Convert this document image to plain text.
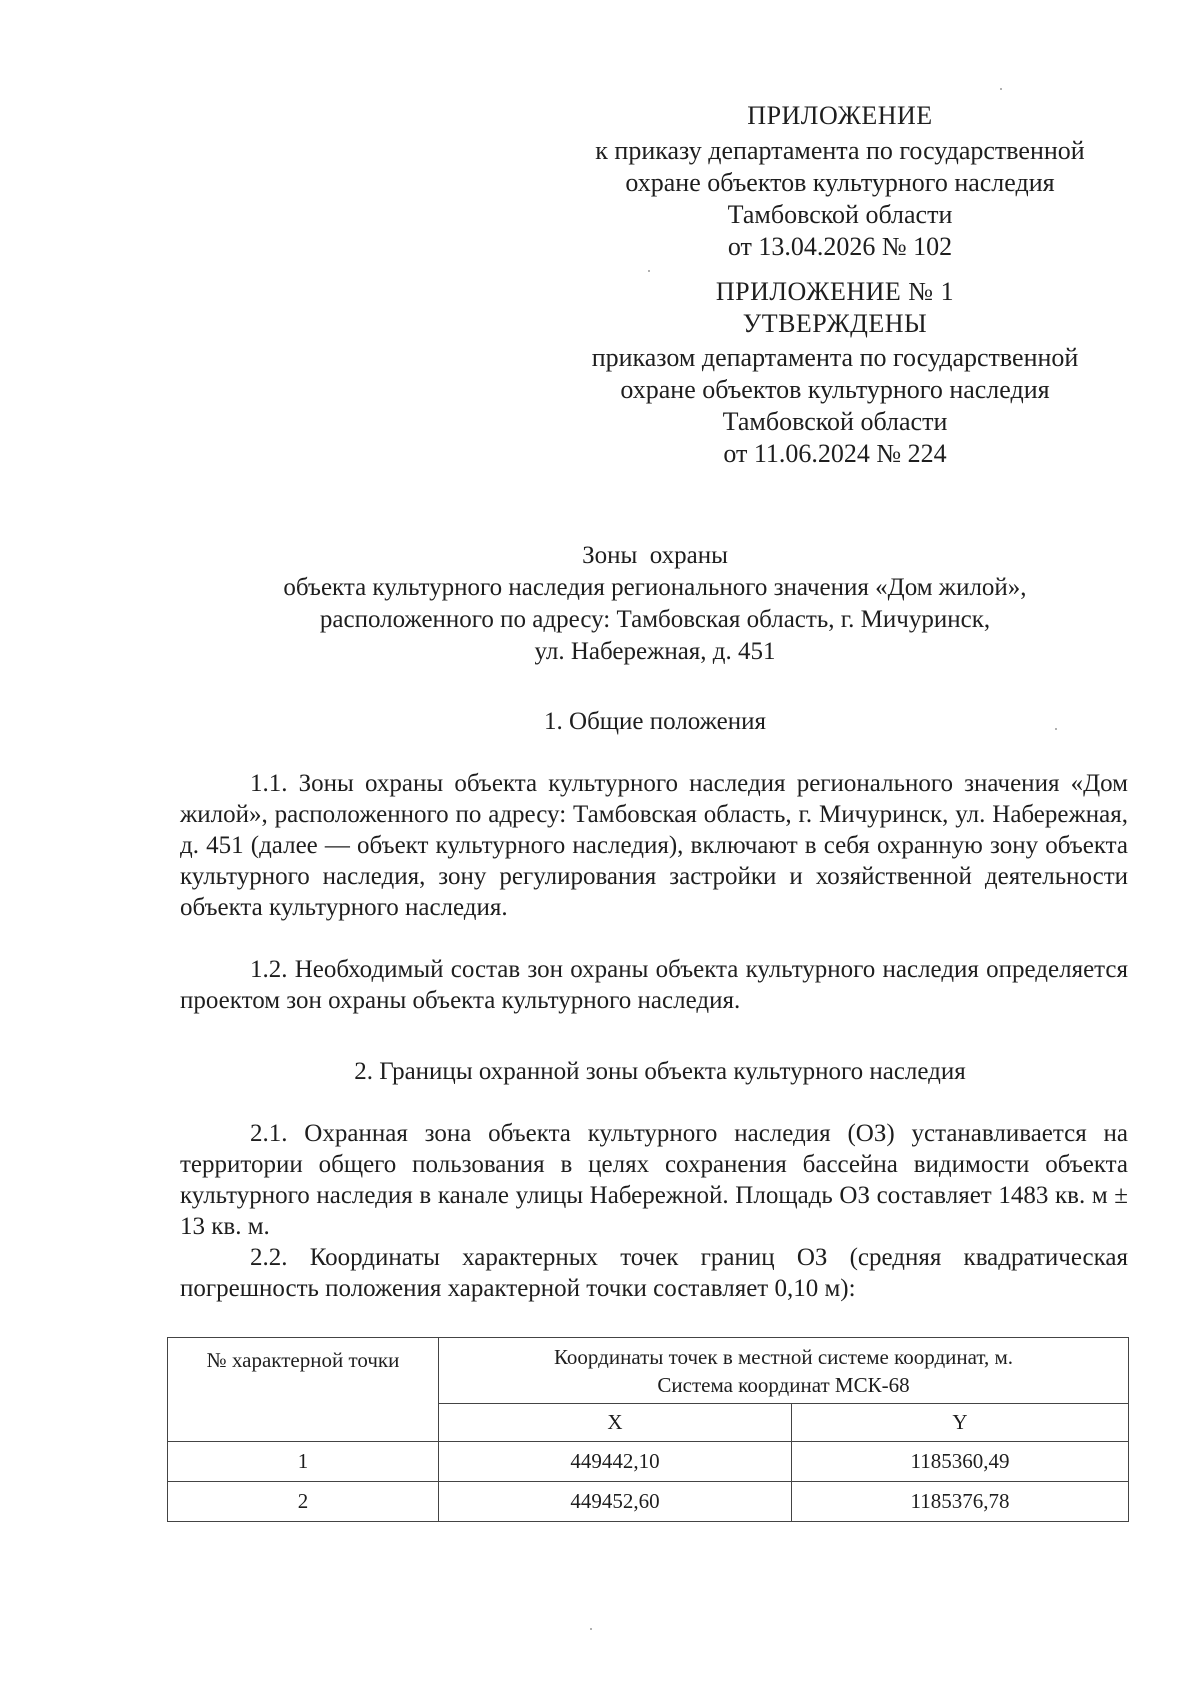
ПРИЛОЖЕНИЕ
к приказу департамента по государственной
охране объектов культурного наследия
Тамбовской области
от 13.04.2026 № 102
ПРИЛОЖЕНИЕ № 1
УТВЕРЖДЕНЫ
приказом департамента по государственной
охране объектов культурного наследия
Тамбовской области
от 11.06.2024 № 224
Зоны  охраны
объекта культурного наследия регионального значения «Дом жилой»,
расположенного по адресу: Тамбовская область, г. Мичуринск,
ул. Набережная, д. 451
1. Общие положения

1.1. Зоны охраны объекта культурного наследия регионального значения «Дом жилой», расположенного по адресу: Тамбовская область, г. Мичуринск, ул. Набережная, д. 451 (далее — объект культурного наследия), включают в себя охранную зону объекта культурного наследия, зону регулирования застройки и хозяйственной деятельности объекта культурного наследия.

1.2. Необходимый состав зон охраны объекта культурного наследия определяется проектом зон охраны объекта культурного наследия.

2. Границы охранной зоны объекта культурного наследия

2.1. Охранная зона объекта культурного наследия (ОЗ) устанавливается на территории общего пользования в целях сохранения бассейна видимости объекта культурного наследия в канале улицы Набережной. Площадь ОЗ составляет 1483 кв. м ± 13 кв. м.

2.2. Координаты характерных точек границ ОЗ (средняя квадратическая погрешность положения характерной точки составляет 0,10 м):

№ характерной точки	Координаты точек в местной системе координат, м.
Система координат МСК-68	

	X	Y
1	449442,10	1185360,49
2	449452,60	1185376,78
